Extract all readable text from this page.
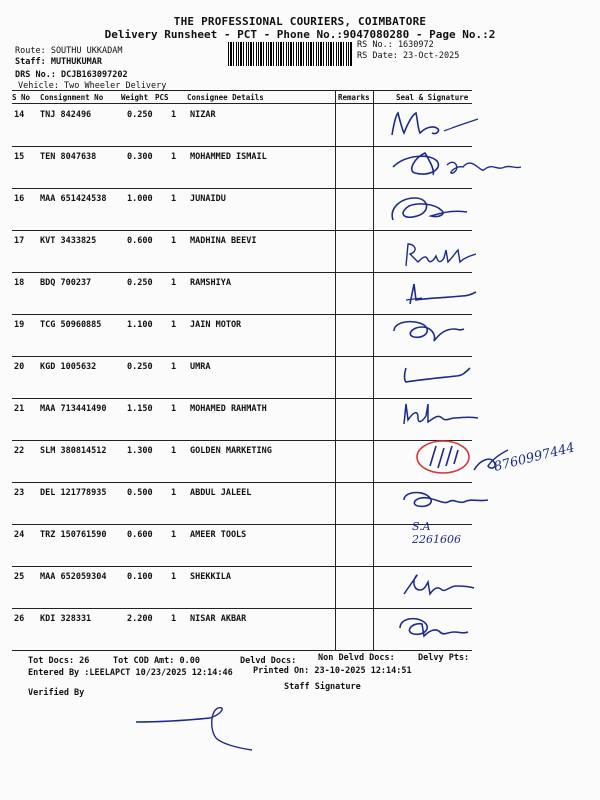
THE PROFESSIONAL COURIERS, COIMBATORE
Delivery Runsheet - PCT - Phone No.:9047080280 - Page No.:2
Route: SOUTHU UKKADAM
Staff: MUTHUKUMAR
DRS No.: DCJB163097202
Vehicle: Two Wheeler Delivery
RS No.: 1630972
RS Date: 23-Oct-2025
S No Consignment No Weight PCS Consignee Details	Remarks	Seal & Signature
14 TNJ 842496	0.250 1 NIZAR
15 TEN 8047638	0.300 1 MOHAMMED ISMAIL
16 MAA 651424538 1.000 1 JUNAIDU
17 KVT 3433825	0.600 1 MADHINA BEEVI
18 BDQ 700237	0.250 1 RAMSHIYA
19 TCG 50960885	1.100 1 JAIN MOTOR
20 KGD 1005632	0.250 1 UMRA
21 MAA 713441490 1.150 1 MOHAMED RAHMATH
22 SLM 380814512 1.300 1 GOLDEN MARKETING
23 DEL 121778935 0.500 1 ABDUL JALEEL
24 TRZ 150761590 0.600 1 AMEER TOOLS
25 MAA 652059304 0.100 1 SHEKKILA
26 KDI 328331	2.200 1 NISAR AKBAR
8760997444
S.A
2261606
Tot Docs: 26	Tot COD Amt: 0.00	Delvd Docs:	Non Delvd Docs:	Delvy Pts:
Entered By :LEELAPCT 10/23/2025 12:14:46 Printed On: 23-10-2025 12:14:51
Staff Signature
Verified By
